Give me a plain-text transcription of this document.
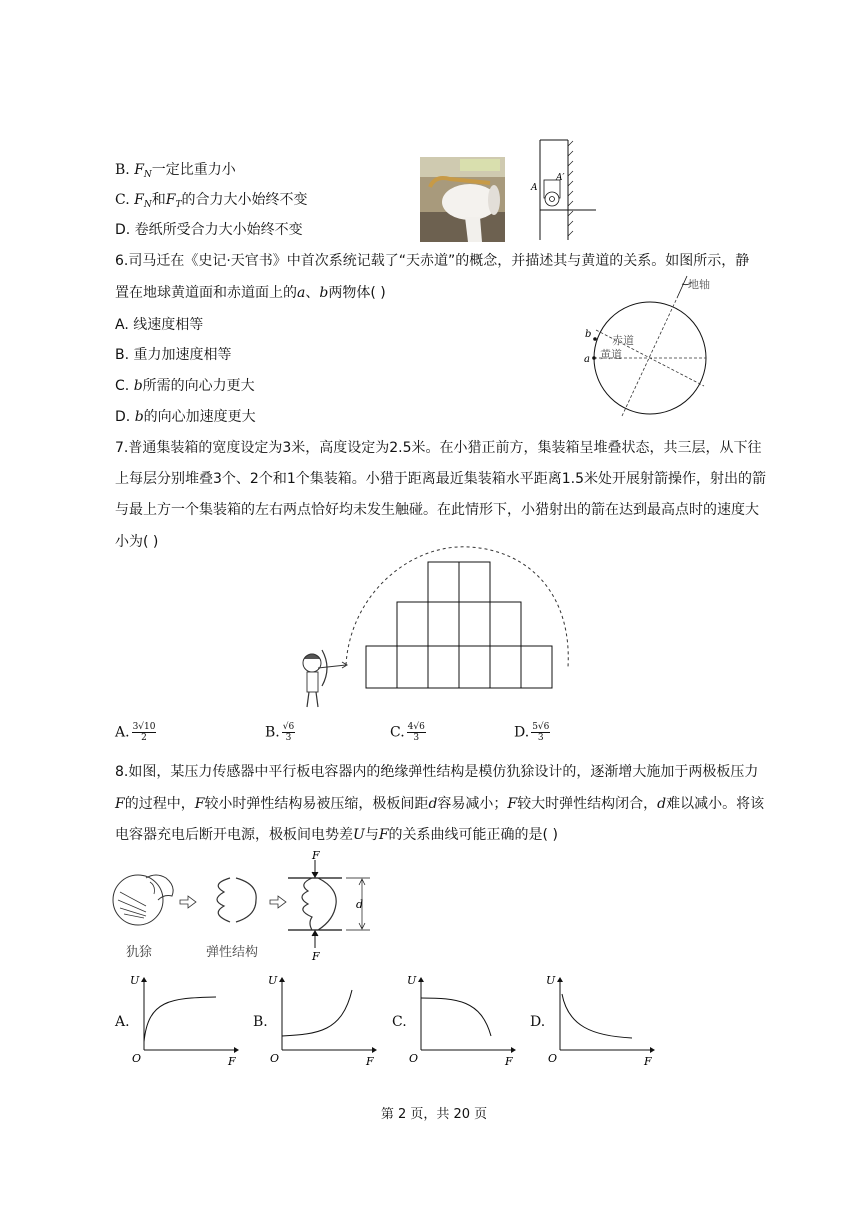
B. $F_N$一定比重力小
C. $F_N$和$F_T$的合力大小始终不变
D. 卷纸所受合力大小始终不变
A
A′
6.司马迁在《史记·天官书》中首次系统记载了“天赤道”的概念，并描述其与黄道的关系。如图所示，静
置在地球黄道面和赤道面上的a、b两物体( )
A. 线速度相等
B. 重力加速度相等
C. b所需的向心力更大
D. b的向心加速度更大
b
a
赤道
黄道
地轴
7.普通集装箱的宽度设定为3米，高度设定为2.5米。在小猎正前方，集装箱呈堆叠状态，共三层，从下往
上每层分别堆叠3个、2个和1个集装箱。小猎于距离最近集装箱水平距离1.5米处开展射箭操作，射出的箭
与最上方一个集装箱的左右两点恰好均未发生触碰。在此情形下，小猎射出的箭在达到最高点时的速度大
小为( )
A. $\frac{3√10}{2}$	B. $\frac{√6}{3}$	C. $\frac{4√6}{3}$	D. $\frac{5√6}{3}$
8.如图，某压力传感器中平行板电容器内的绝缘弹性结构是模仿犰狳设计的，逐渐增大施加于两极板压力
F的过程中，F较小时弹性结构易被压缩，极板间距d容易减小；F较大时弹性结构闭合，d难以减小。将该
电容器充电后断开电源，极板间电势差U与F的关系曲线可能正确的是( )
犰狳	弹性结构
F
F
d
A.
U
O	F
B.
U
O	F
C.
U
O	F
D.
U
O	F
第 2 页，共 20 页
